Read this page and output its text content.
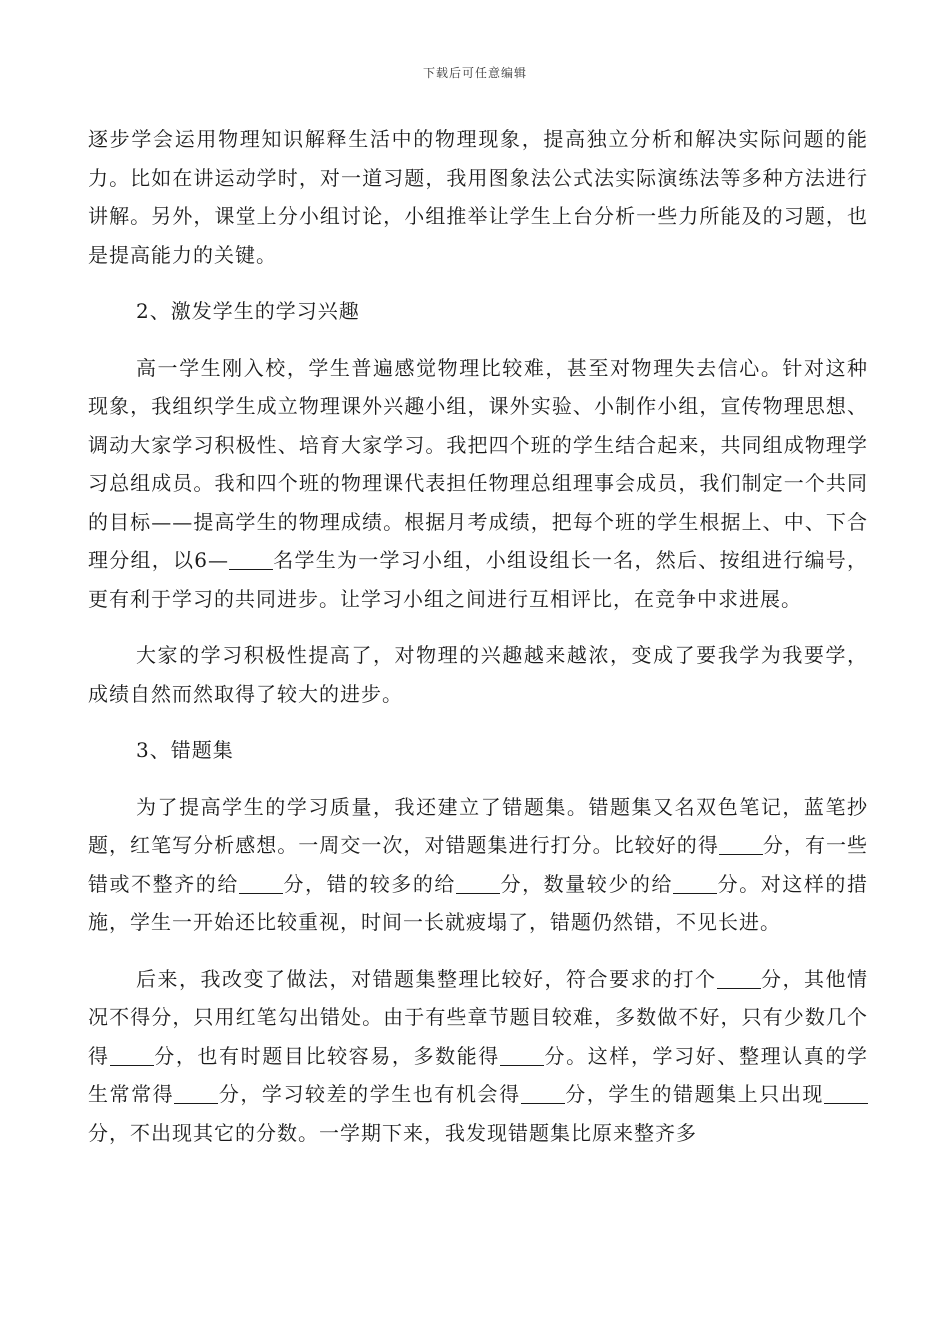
下载后可任意编辑

逐步学会运用物理知识解释生活中的物理现象，提高独立分析和解决实际问题的能力。比如在讲运动学时，对一道习题，我用图象法公式法实际演练法等多种方法进行讲解。另外，课堂上分小组讨论，小组推举让学生上台分析一些力所能及的习题，也是提高能力的关键。

2、激发学生的学习兴趣

高一学生刚入校，学生普遍感觉物理比较难，甚至对物理失去信心。针对这种现象，我组织学生成立物理课外兴趣小组，课外实验、小制作小组，宣传物理思想、调动大家学习积极性、培育大家学习。我把四个班的学生结合起来，共同组成物理学习总组成员。我和四个班的物理课代表担任物理总组理事会成员，我们制定一个共同的目标——提高学生的物理成绩。根据月考成绩，把每个班的学生根据上、中、下合理分组，以6— 名学生为一学习小组，小组设组长一名，然后、按组进行编号，更有利于学习的共同进步。让学习小组之间进行互相评比，在竞争中求进展。

大家的学习积极性提高了，对物理的兴趣越来越浓，变成了要我学为我要学，成绩自然而然取得了较大的进步。

3、错题集

为了提高学生的学习质量，我还建立了错题集。错题集又名双色笔记，蓝笔抄题，红笔写分析感想。一周交一次，对错题集进行打分。比较好的得 分，有一些错或不整齐的给 分，错的较多的给 分，数量较少的给 分。对这样的措施，学生一开始还比较重视，时间一长就疲塌了，错题仍然错，不见长进。

后来，我改变了做法，对错题集整理比较好，符合要求的打个 分，其他情况不得分，只用红笔勾出错处。由于有些章节题目较难，多数做不好，只有少数几个得 分，也有时题目比较容易，多数能得 分。这样，学习好、整理认真的学生常常得 分，学习较差的学生也有机会得 分，学生的错题集上只出现分，不出现其它的分数。一学期下来，我发现错题集比原来整齐多
